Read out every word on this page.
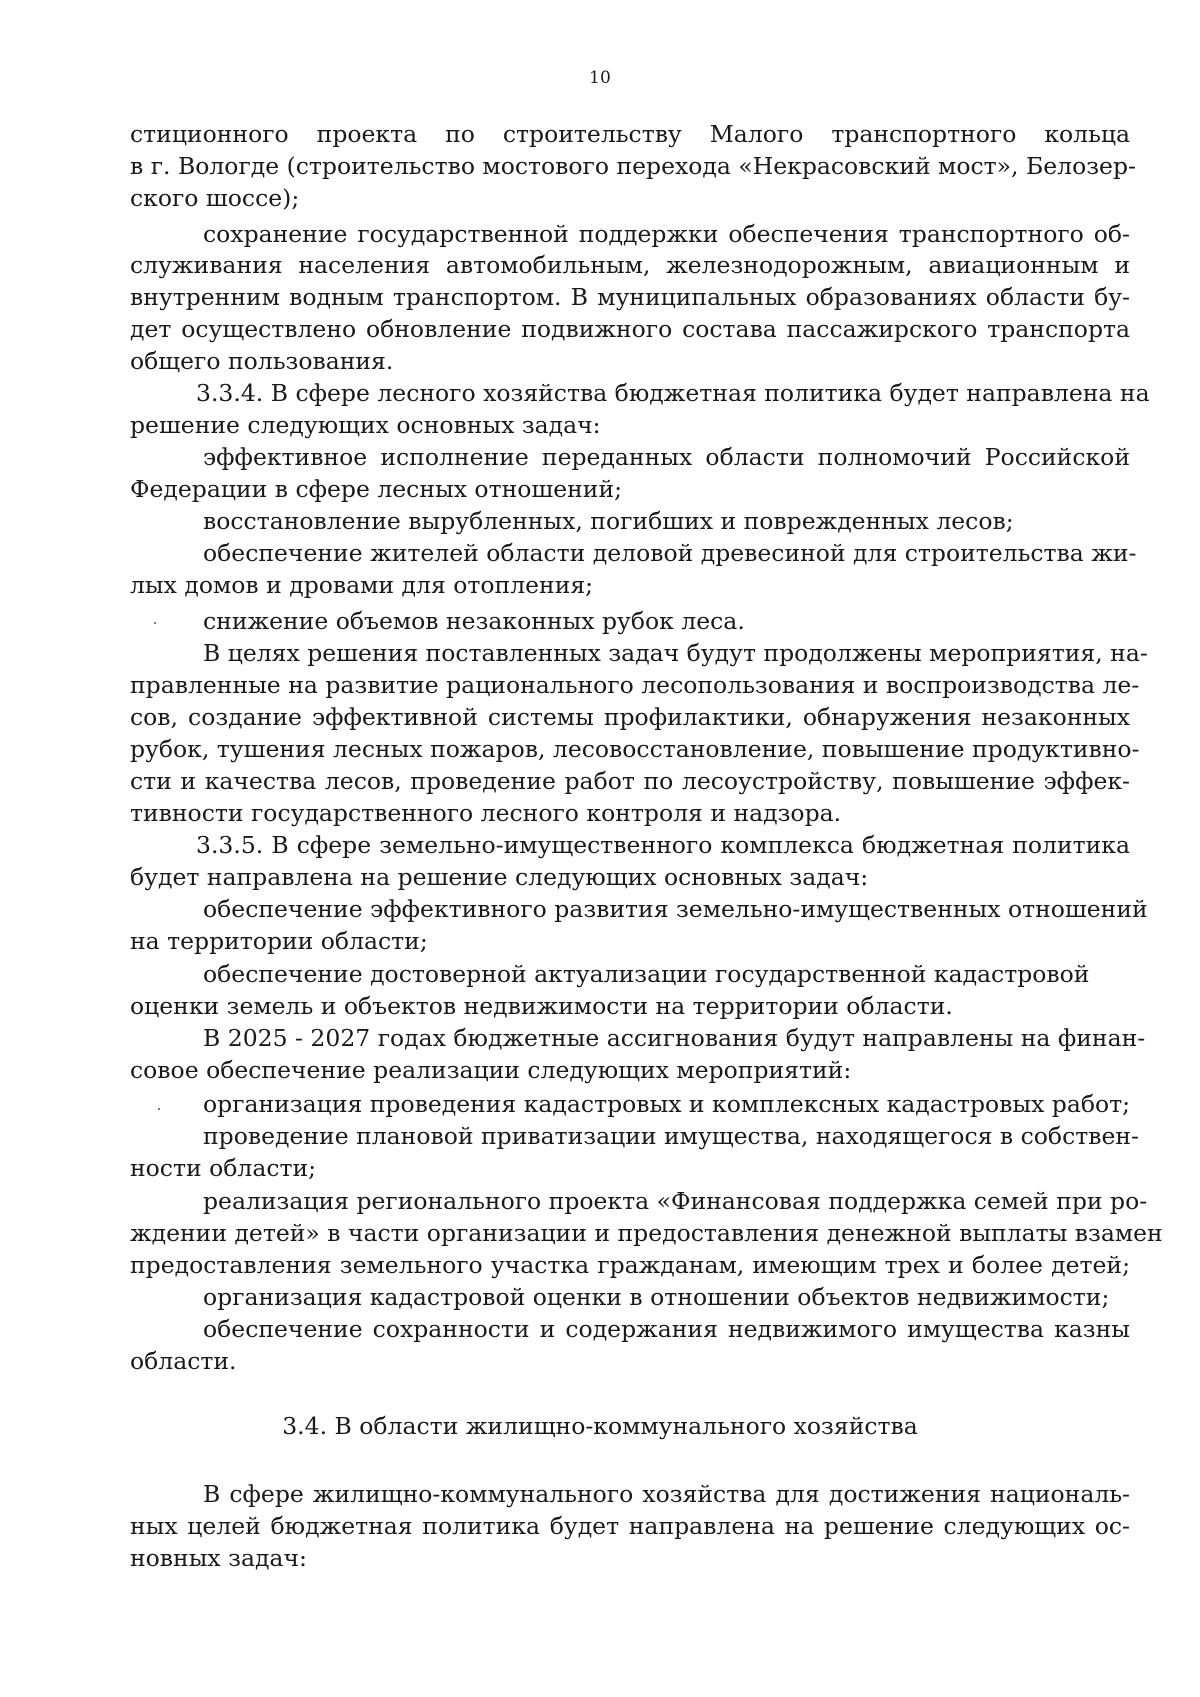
10
стиционного проекта по строительству Малого транспортного кольца
в г. Вологде (строительство мостового перехода «Некрасовский мост», Белозер-
ского шоссе);
сохранение государственной поддержки обеспечения транспортного об-
служивания населения автомобильным, железнодорожным, авиационным и
внутренним водным транспортом. В муниципальных образованиях области бу-
дет осуществлено обновление подвижного состава пассажирского транспорта
общего пользования.
3.3.4. В сфере лесного хозяйства бюджетная политика будет направлена на
решение следующих основных задач:
эффективное исполнение переданных области полномочий Российской
Федерации в сфере лесных отношений;
восстановление вырубленных, погибших и поврежденных лесов;
обеспечение жителей области деловой древесиной для строительства жи-
лых домов и дровами для отопления;
снижение объемов незаконных рубок леса.
В целях решения поставленных задач будут продолжены мероприятия, на-
правленные на развитие рационального лесопользования и воспроизводства ле-
сов, создание эффективной системы профилактики, обнаружения незаконных
рубок, тушения лесных пожаров, лесовосстановление, повышение продуктивно-
сти и качества лесов, проведение работ по лесоустройству, повышение эффек-
тивности государственного лесного контроля и надзора.
3.3.5. В сфере земельно-имущественного комплекса бюджетная политика
будет направлена на решение следующих основных задач:
обеспечение эффективного развития земельно-имущественных отношений
на территории области;
обеспечение достоверной актуализации государственной кадастровой
оценки земель и объектов недвижимости на территории области.
В 2025 - 2027 годах бюджетные ассигнования будут направлены на финан-
совое обеспечение реализации следующих мероприятий:
организация проведения кадастровых и комплексных кадастровых работ;
проведение плановой приватизации имущества, находящегося в собствен-
ности области;
реализация регионального проекта «Финансовая поддержка семей при ро-
ждении детей» в части организации и предоставления денежной выплаты взамен
предоставления земельного участка гражданам, имеющим трех и более детей;
организация кадастровой оценки в отношении объектов недвижимости;
обеспечение сохранности и содержания недвижимого имущества казны
области.
3.4. В области жилищно-коммунального хозяйства
В сфере жилищно-коммунального хозяйства для достижения националь-
ных целей бюджетная политика будет направлена на решение следующих ос-
новных задач:
